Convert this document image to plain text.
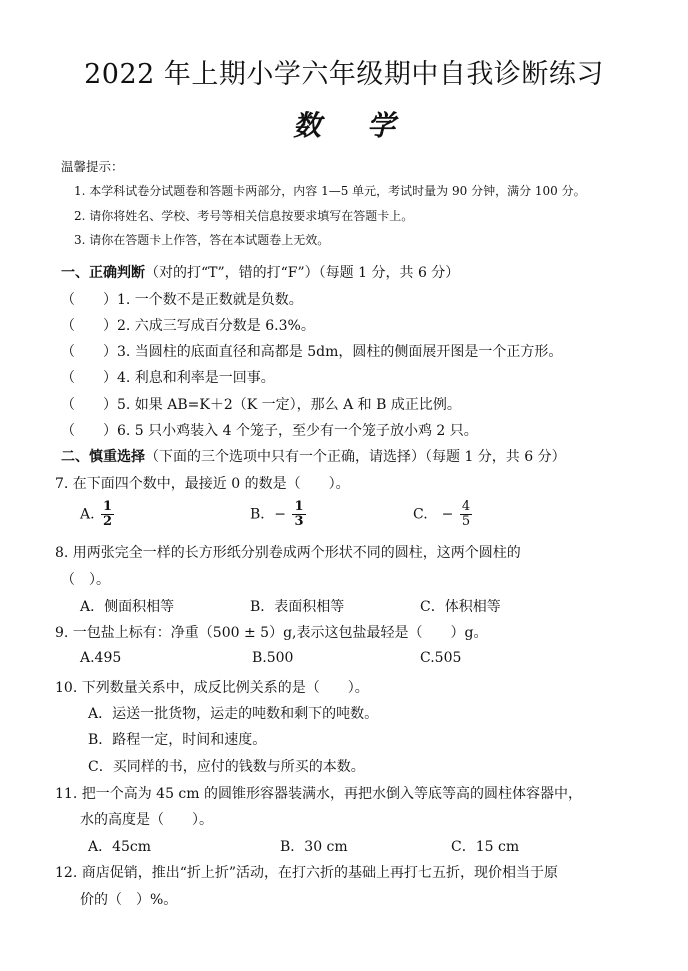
2022 年上期小学六年级期中自我诊断练习
数学
温馨提示：
1. 本学科试卷分试题卷和答题卡两部分，内容 1—5 单元，考试时量为 90 分钟，满分 100 分。
2. 请你将姓名、学校、考号等相关信息按要求填写在答题卡上。
3. 请你在答题卡上作答，答在本试题卷上无效。
一、正确判断（对的打“T”，错的打“F”）（每题 1 分，共 6 分）
（　　）1. 一个数不是正数就是负数。
（　　）2. 六成三写成百分数是 6.3%。
（　　）3. 当圆柱的底面直径和高都是 5dm，圆柱的侧面展开图是一个正方形。
（　　）4. 利息和利率是一回事。
（　　）5. 如果 AB=K＋2（K 一定），那么 A 和 B 成正比例。
（　　）6. 5 只小鸡装入 4 个笼子，至少有一个笼子放小鸡 2 只。
二、慎重选择（下面的三个选项中只有一个正确，请选择）（每题 1 分，共 6 分）
7. 在下面四个数中，最接近 0 的数是（　　）。
A. $\frac{1}{2}$	B．− $\frac{1}{3}$	C.　− $\frac{4}{5}$
8. 用两张完全一样的长方形纸分别卷成两个形状不同的圆柱，这两个圆柱的
（　）。
A．侧面积相等	B．表面积相等	C．体积相等
9. 一包盐上标有：净重（500 ± 5）g,表示这包盐最轻是（　　）g。
A.495	B.500	C.505
10. 下列数量关系中，成反比例关系的是（　　）。
A．运送一批货物，运走的吨数和剩下的吨数。
B．路程一定，时间和速度。
C．买同样的书，应付的钱数与所买的本数。
11. 把一个高为 45 cm 的圆锥形容器装满水，再把水倒入等底等高的圆柱体容器中，
水的高度是（　　）。
A．45cm	B．30 cm	C．15 cm
12. 商店促销，推出“折上折”活动，在打六折的基础上再打七五折，现价相当于原
价的（　）%。
